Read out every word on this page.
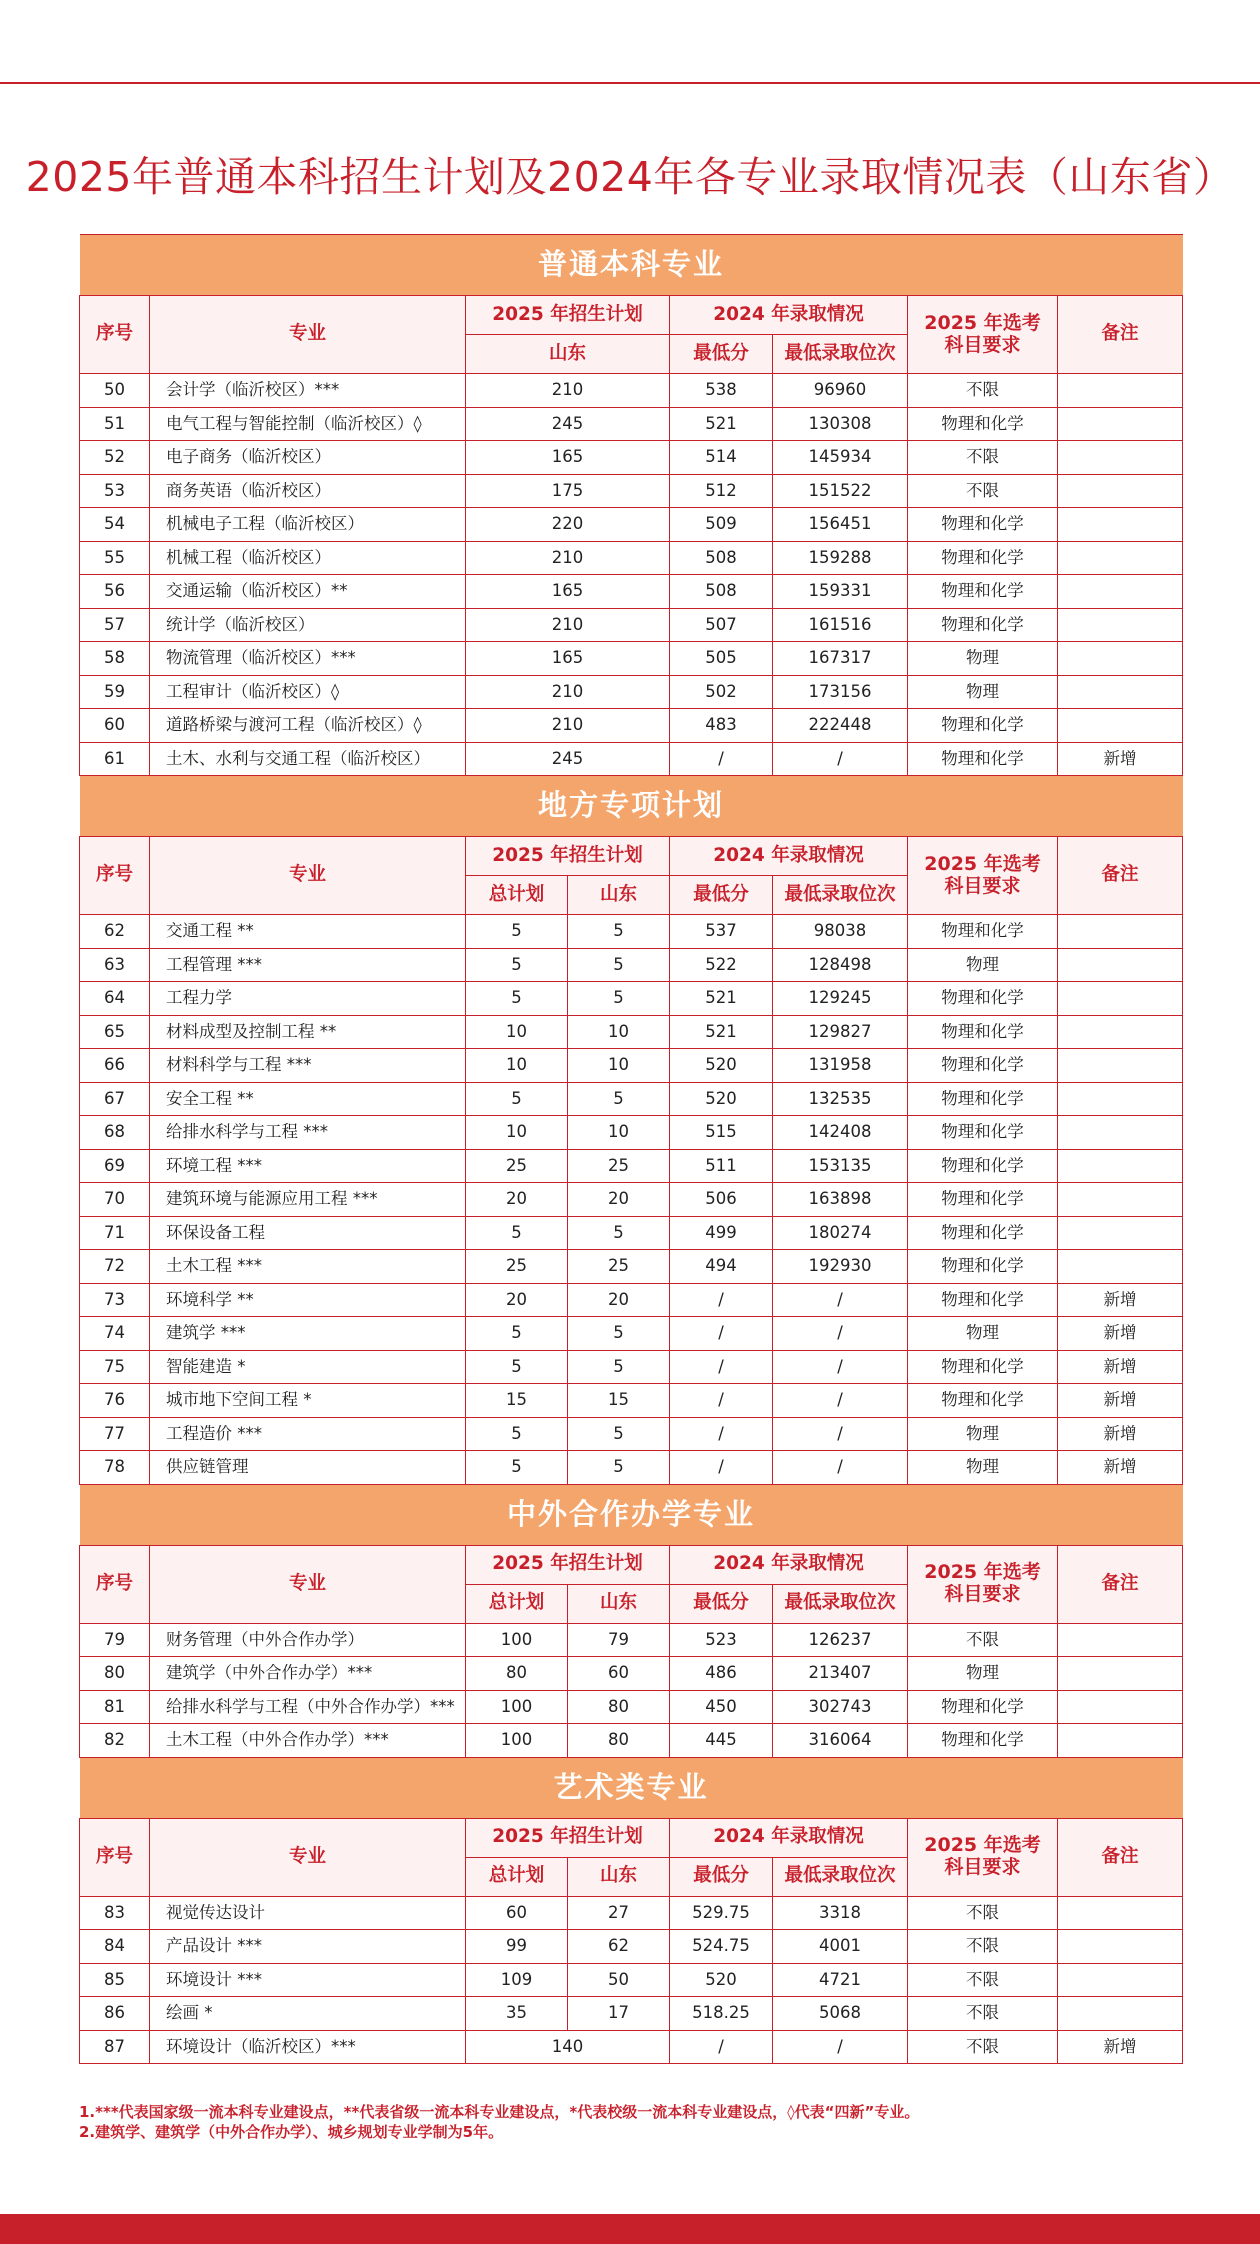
2025年普通本科招生计划及2024年各专业录取情况表（山东省）
普通本科专业							
序号	专业	2025 年招生计划		2024 年录取情况		2025 年选考科目要求	备注
		山东		最低分	最低录取位次		
50	会计学（临沂校区）***	210		538	96960	不限	
51	电气工程与智能控制（临沂校区）◊	245		521	130308	物理和化学	
52	电子商务（临沂校区）	165		514	145934	不限	
53	商务英语（临沂校区）	175		512	151522	不限	
54	机械电子工程（临沂校区）	220		509	156451	物理和化学	
55	机械工程（临沂校区）	210		508	159288	物理和化学	
56	交通运输（临沂校区）**	165		508	159331	物理和化学	
57	统计学（临沂校区）	210		507	161516	物理和化学	
58	物流管理（临沂校区）***	165		505	167317	物理	
59	工程审计（临沂校区）◊	210		502	173156	物理	
60	道路桥梁与渡河工程（临沂校区）◊	210		483	222448	物理和化学	
61	土木、水利与交通工程（临沂校区）	245		/	/	物理和化学	新增
地方专项计划							
序号	专业	2025 年招生计划		2024 年录取情况		2025 年选考科目要求	备注
		总计划	山东	最低分	最低录取位次		
62	交通工程 **	5	5	537	98038	物理和化学	
63	工程管理 ***	5	5	522	128498	物理	
64	工程力学	5	5	521	129245	物理和化学	
65	材料成型及控制工程 **	10	10	521	129827	物理和化学	
66	材料科学与工程 ***	10	10	520	131958	物理和化学	
67	安全工程 **	5	5	520	132535	物理和化学	
68	给排水科学与工程 ***	10	10	515	142408	物理和化学	
69	环境工程 ***	25	25	511	153135	物理和化学	
70	建筑环境与能源应用工程 ***	20	20	506	163898	物理和化学	
71	环保设备工程	5	5	499	180274	物理和化学	
72	土木工程 ***	25	25	494	192930	物理和化学	
73	环境科学 **	20	20	/	/	物理和化学	新增
74	建筑学 ***	5	5	/	/	物理	新增
75	智能建造 *	5	5	/	/	物理和化学	新增
76	城市地下空间工程 *	15	15	/	/	物理和化学	新增
77	工程造价 ***	5	5	/	/	物理	新增
78	供应链管理	5	5	/	/	物理	新增
中外合作办学专业							
序号	专业	2025 年招生计划		2024 年录取情况		2025 年选考科目要求	备注
		总计划	山东	最低分	最低录取位次		
79	财务管理（中外合作办学）	100	79	523	126237	不限	
80	建筑学（中外合作办学）***	80	60	486	213407	物理	
81	给排水科学与工程（中外合作办学）***	100	80	450	302743	物理和化学	
82	土木工程（中外合作办学）***	100	80	445	316064	物理和化学	
艺术类专业							
序号	专业	2025 年招生计划		2024 年录取情况		2025 年选考科目要求	备注
		总计划	山东	最低分	最低录取位次		
83	视觉传达设计	60	27	529.75	3318	不限	
84	产品设计 ***	99	62	524.75	4001	不限	
85	环境设计 ***	109	50	520	4721	不限	
86	绘画 *	35	17	518.25	5068	不限	
87	环境设计（临沂校区）***	140		/	/	不限	新增
1.***代表国家级一流本科专业建设点，**代表省级一流本科专业建设点，*代表校级一流本科专业建设点，◊代表“四新”专业。
2.建筑学、建筑学（中外合作办学）、城乡规划专业学制为5年。
